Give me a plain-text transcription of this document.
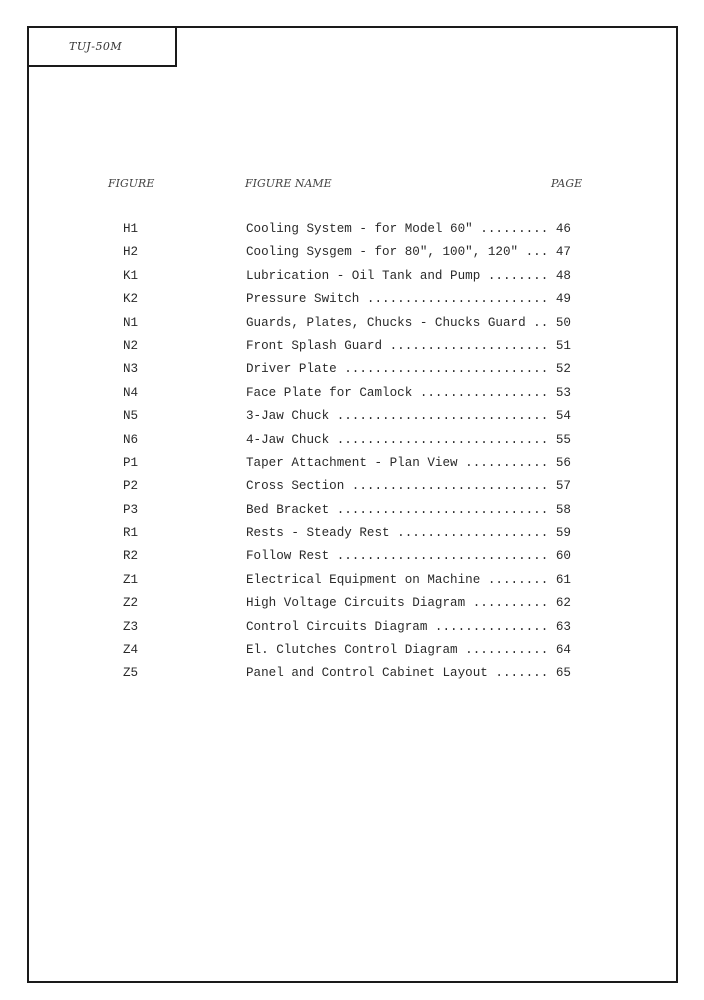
TUJ-50M
FIGURE	FIGURE NAME	PAGE
H1	Cooling System - for Model 60" ......... 46
H2	Cooling Sysgem - for 80", 100", 120" ... 47
K1	Lubrication - Oil Tank and Pump ........ 48
K2	Pressure Switch ........................ 49
N1	Guards, Plates, Chucks - Chucks Guard .. 50
N2	Front Splash Guard ..................... 51
N3	Driver Plate ........................... 52
N4	Face Plate for Camlock ................. 53
N5	3-Jaw Chuck ............................ 54
N6	4-Jaw Chuck ............................ 55
P1	Taper Attachment - Plan View ........... 56
P2	Cross Section .......................... 57
P3	Bed Bracket ............................ 58
R1	Rests - Steady Rest .................... 59
R2	Follow Rest ............................ 60
Z1	Electrical Equipment on Machine ........ 61
Z2	High Voltage Circuits Diagram .......... 62
Z3	Control Circuits Diagram ............... 63
Z4	El. Clutches Control Diagram ........... 64
Z5	Panel and Control Cabinet Layout ....... 65
